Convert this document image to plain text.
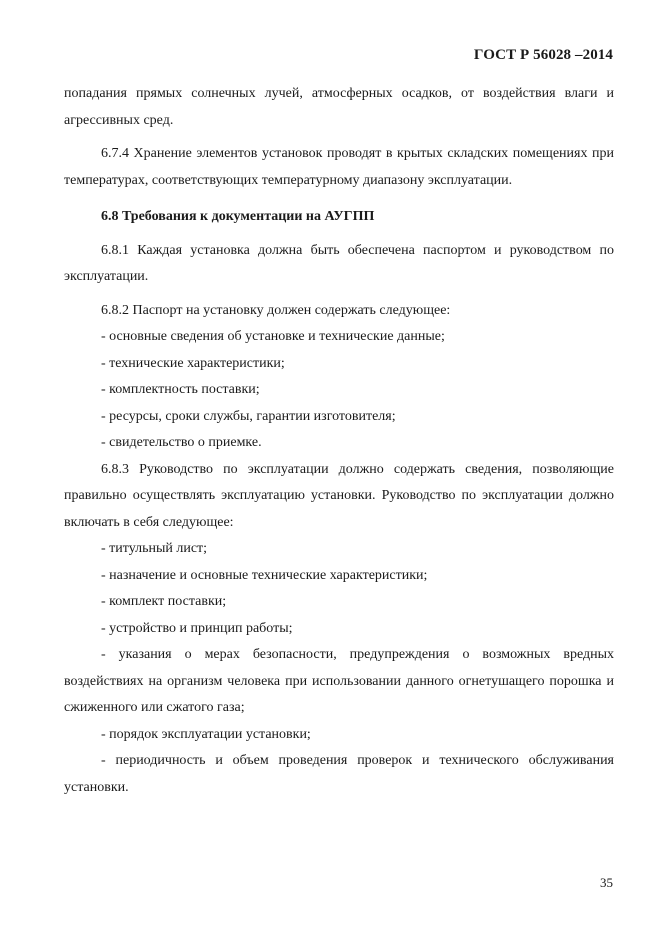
ГОСТ Р 56028 –2014

попадания прямых солнечных лучей, атмосферных осадков, от воздействия влаги и агрессивных сред.

6.7.4 Хранение элементов установок проводят в крытых складских помещениях при температурах, соответствующих температурному диапазону эксплуатации.

6.8 Требования к документации на АУГПП

6.8.1 Каждая установка должна быть обеспечена паспортом и руководством по эксплуатации.

6.8.2 Паспорт на установку должен содержать следующее:

- основные сведения об установке и технические данные;

- технические характеристики;

- комплектность поставки;

- ресурсы, сроки службы, гарантии изготовителя;

- свидетельство о приемке.

6.8.3 Руководство по эксплуатации должно содержать сведения, позволяющие правильно осуществлять эксплуатацию установки. Руководство по эксплуатации должно включать в себя следующее:

- титульный лист;

- назначение и основные технические характеристики;

- комплект поставки;

- устройство и принцип работы;

- указания о мерах безопасности, предупреждения о возможных вредных воздействиях на организм человека при использовании данного огнетушащего порошка и сжиженного или сжатого газа;

- порядок эксплуатации установки;

- периодичность и объем проведения проверок и технического обслуживания установки.

35
